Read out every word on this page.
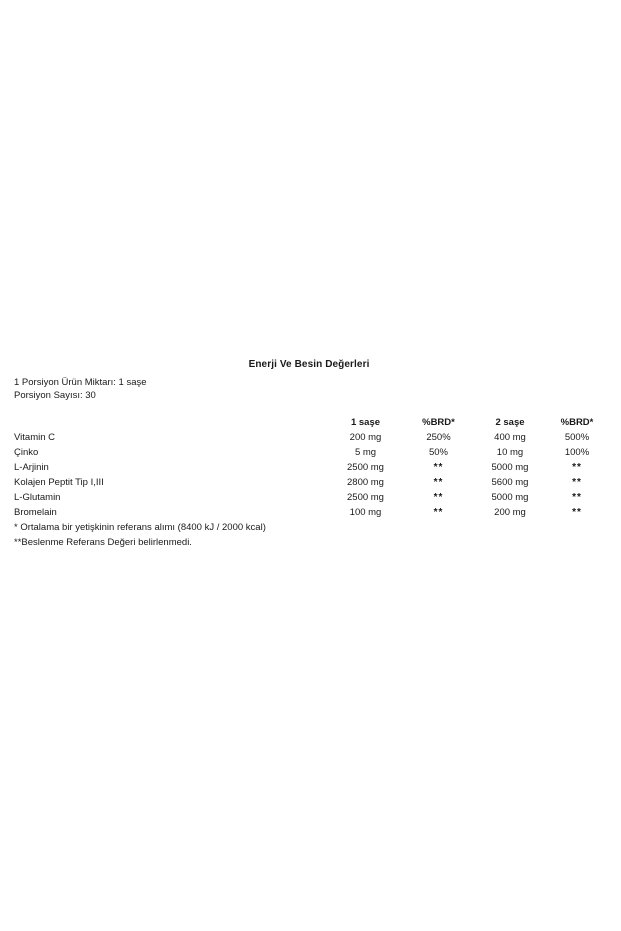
Enerji Ve Besin Değerleri				

1 Porsiyon Ürün Miktarı: 1 saşe
Porsiyon Sayısı: 30				

	1 saşe	%BRD*	2 saşe	%BRD*
Vitamin C	200 mg	250%	400 mg	500%
Çinko	5 mg	50%	10 mg	100%
L-Arjinin	2500 mg	**	5000 mg	**
Kolajen Peptit Tip I,III	2800 mg	**	5600 mg	**
L-Glutamin	2500 mg	**	5000 mg	**
Bromelain	100 mg	**	200 mg	**
* Ortalama bir yetişkinin referans alımı (8400 kJ / 2000 kcal)				
**Beslenme Referans Değeri belirlenmedi.				
